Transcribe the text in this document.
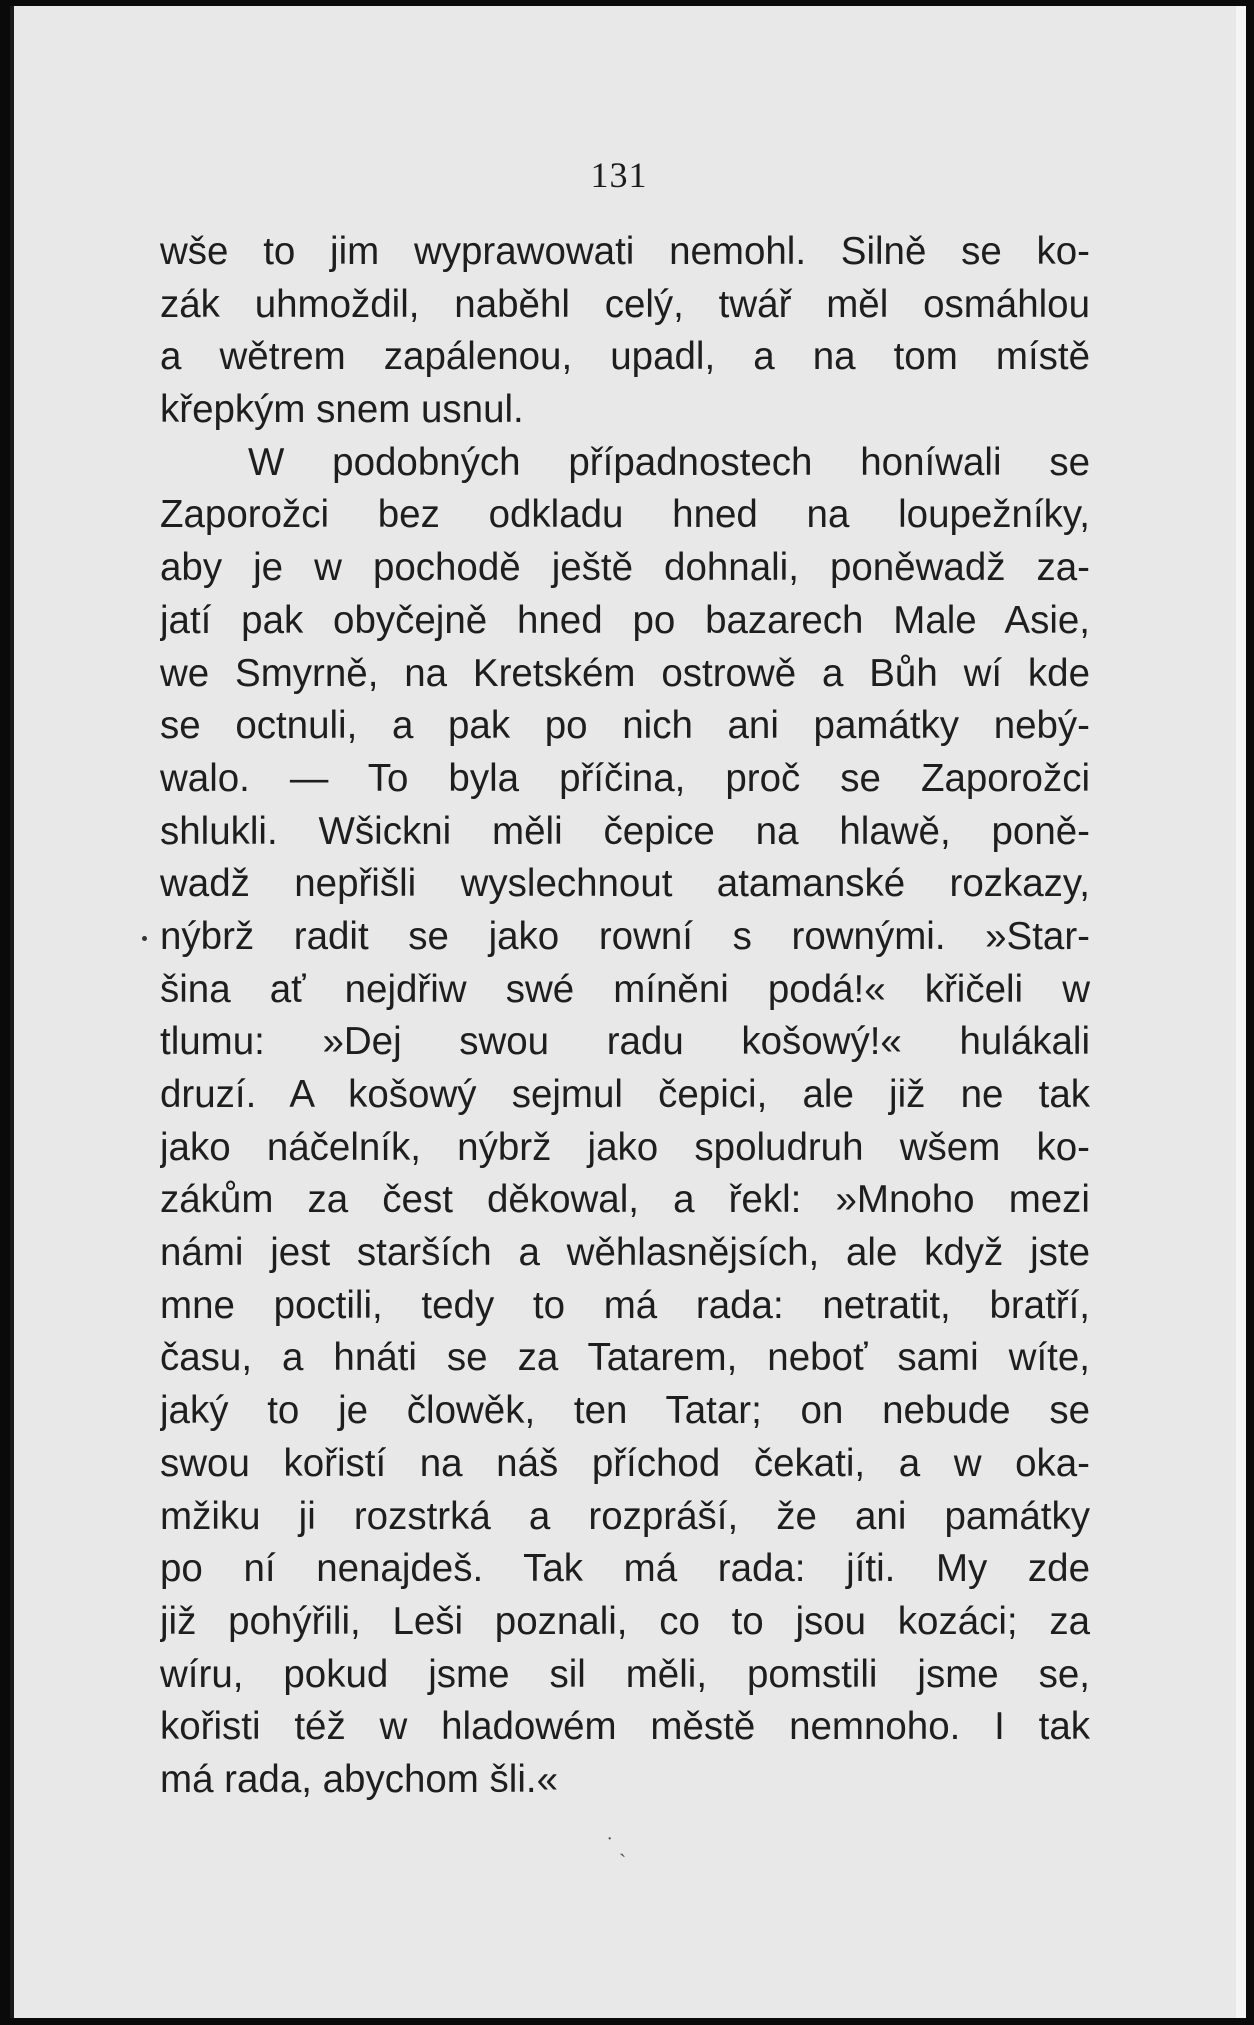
131
wše to jim wyprawowati nemohl. Silně se ko-
zák uhmoždil, naběhl celý, twář měl osmáhlou
a wětrem zapálenou, upadl, a na tom místě
křepkým snem usnul.
W podobných případnostech honíwali se
Zaporožci bez odkladu hned na loupežníky,
aby je w pochodě ještě dohnali, poněwadž za-
jatí pak obyčejně hned po bazarech Male Asie,
we Smyrně, na Kretském ostrowě a Bůh wí kde
se octnuli, a pak po nich ani památky nebý-
walo. — To byla příčina, proč se Zaporožci
shlukli. Wšickni měli čepice na hlawě, poně-
wadž nepřišli wyslechnout atamanské rozkazy,
nýbrž radit se jako rowní s rownými. »Star-
šina ať nejdřiw swé míněni podá!« křičeli w
tlumu: »Dej swou radu košowý!« hulákali
druzí. A košowý sejmul čepici, ale již ne tak
jako náčelník, nýbrž jako spoludruh wšem ko-
zákům za čest děkowal, a řekl: »Mnoho mezi
námi jest starších a wěhlasnějsích, ale když jste
mne poctili, tedy to má rada: netratit, bratří,
času, a hnáti se za Tatarem, neboť sami wíte,
jaký to je člowěk, ten Tatar; on nebude se
swou kořistí na náš příchod čekati, a w oka-
mžiku ji rozstrká a rozpráší, že ani památky
po ní nenajdeš. Tak má rada: jíti. My zde
již pohýřili, Leši poznali, co to jsou kozáci; za
wíru, pokud jsme sil měli, pomstili jsme se,
kořisti též w hladowém městě nemnoho. I tak
má rada, abychom šli.«
˙ ˎ
